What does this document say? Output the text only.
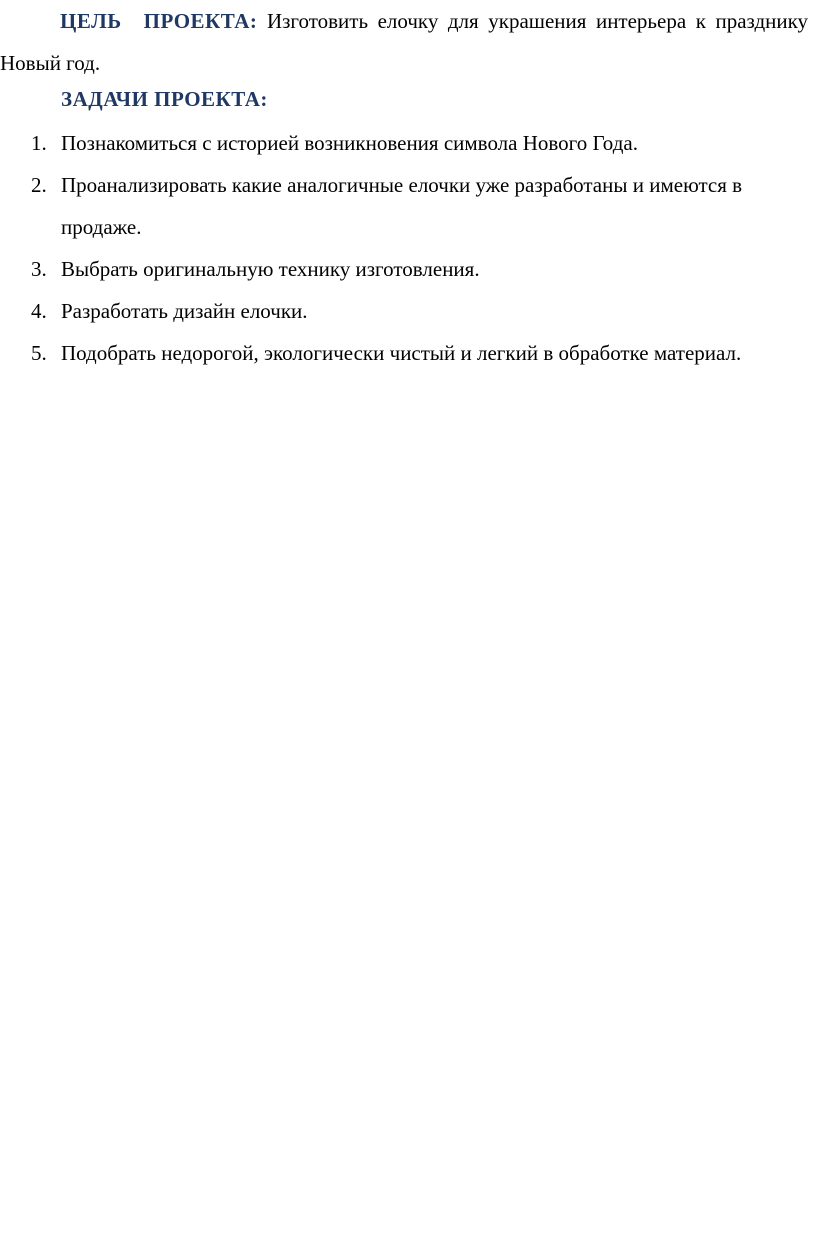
ЦЕЛЬ ПРОЕКТА: Изготовить елочку для украшения интерьера к празднику Новый год.

ЗАДАЧИ ПРОЕКТА:

1. Познакомиться с историей возникновения символа Нового Года.
2. Проанализировать какие аналогичные елочки уже разработаны и имеются в продаже.
3. Выбрать оригинальную технику изготовления.
4. Разработать дизайн елочки.
5. Подобрать недорогой, экологически чистый и легкий в обработке материал.
